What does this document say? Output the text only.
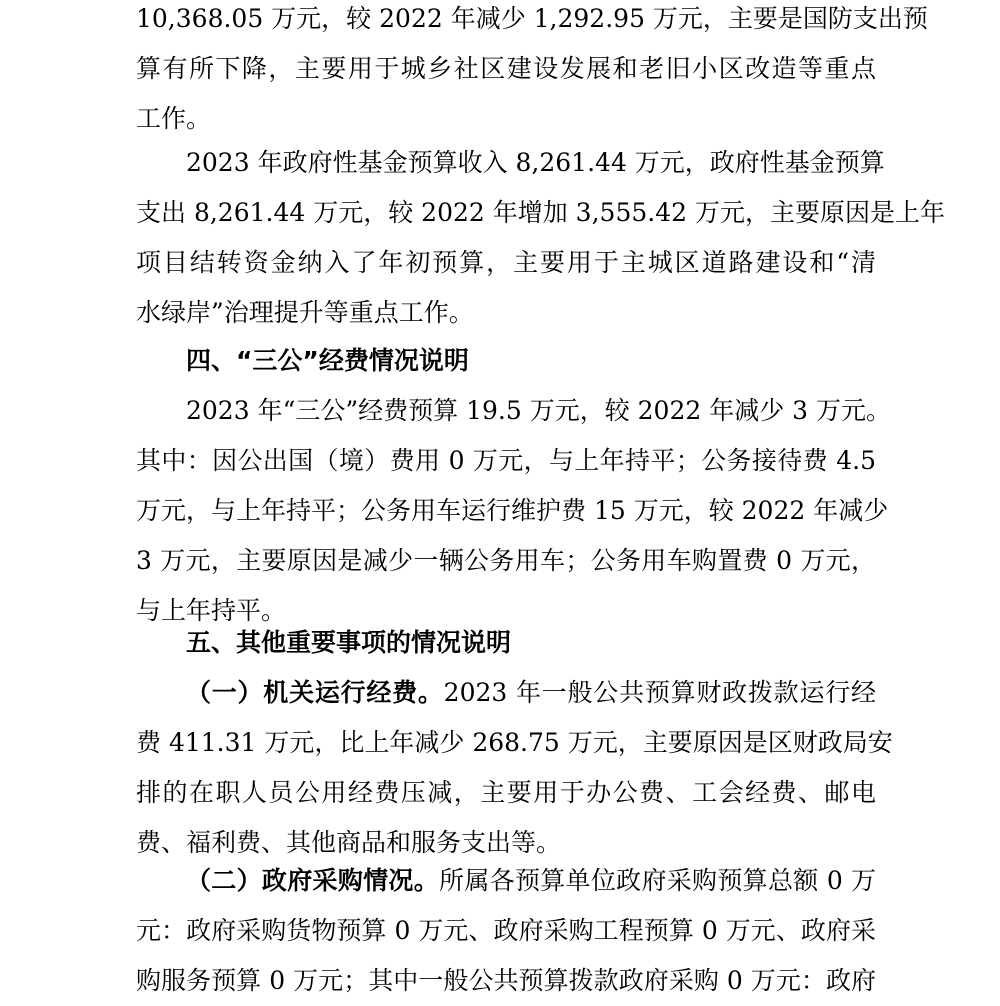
10,368.05 万元，较 2022 年减少 1,292.95 万元，主要是国防支出预
算有所下降，主要用于城乡社区建设发展和老旧小区改造等重点
工作。
2023 年政府性基金预算收入 8,261.44 万元，政府性基金预算
支出 8,261.44 万元，较 2022 年增加 3,555.42 万元，主要原因是上年
项目结转资金纳入了年初预算，主要用于主城区道路建设和“清
水绿岸”治理提升等重点工作。
四、“三公”经费情况说明
2023 年“三公”经费预算 19.5 万元，较 2022 年减少 3 万元。
其中：因公出国（境）费用 0 万元，与上年持平；公务接待费 4.5
万元，与上年持平；公务用车运行维护费 15 万元，较 2022 年减少
3 万元，主要原因是减少一辆公务用车；公务用车购置费 0 万元，
与上年持平。
五、其他重要事项的情况说明
（一）机关运行经费。2023 年一般公共预算财政拨款运行经
费 411.31 万元，比上年减少 268.75 万元，主要原因是区财政局安
排的在职人员公用经费压减，主要用于办公费、工会经费、邮电
费、福利费、其他商品和服务支出等。
（二）政府采购情况。所属各预算单位政府采购预算总额 0 万
元：政府采购货物预算 0 万元、政府采购工程预算 0 万元、政府采
购服务预算 0 万元；其中一般公共预算拨款政府采购 0 万元：政府
